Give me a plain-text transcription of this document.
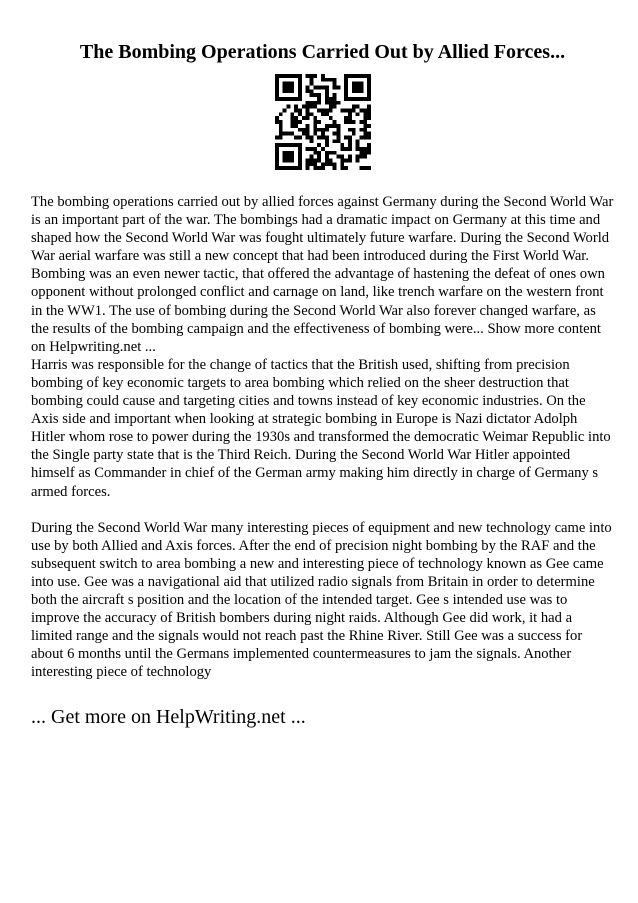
The Bombing Operations Carried Out by Allied Forces...

The bombing operations carried out by allied forces against Germany during the Second World War is an important part of the war. The bombings had a dramatic impact on Germany at this time and shaped how the Second World War was fought ultimately future warfare. During the Second World War aerial warfare was still a new concept that had been introduced during the First World War. Bombing was an even newer tactic, that offered the advantage of hastening the defeat of ones own opponent without prolonged conflict and carnage on land, like trench warfare on the western front in the WW1. The use of bombing during the Second World War also forever changed warfare, as the results of the bombing campaign and the effectiveness of bombing were... Show more content on Helpwriting.net ...

Harris was responsible for the change of tactics that the British used, shifting from precision bombing of key economic targets to area bombing which relied on the sheer destruction that bombing could cause and targeting cities and towns instead of key economic industries. On the Axis side and important when looking at strategic bombing in Europe is Nazi dictator Adolph Hitler whom rose to power during the 1930s and transformed the democratic Weimar Republic into the Single party state that is the Third Reich. During the Second World War Hitler appointed himself as Commander in chief of the German army making him directly in charge of Germany s armed forces.

During the Second World War many interesting pieces of equipment and new technology came into use by both Allied and Axis forces. After the end of precision night bombing by the RAF and the subsequent switch to area bombing a new and interesting piece of technology known as Gee came into use. Gee was a navigational aid that utilized radio signals from Britain in order to determine both the aircraft s position and the location of the intended target. Gee s intended use was to improve the accuracy of British bombers during night raids. Although Gee did work, it had a limited range and the signals would not reach past the Rhine River. Still Gee was a success for about 6 months until the Germans implemented countermeasures to jam the signals. Another interesting piece of technology

... Get more on HelpWriting.net ...
